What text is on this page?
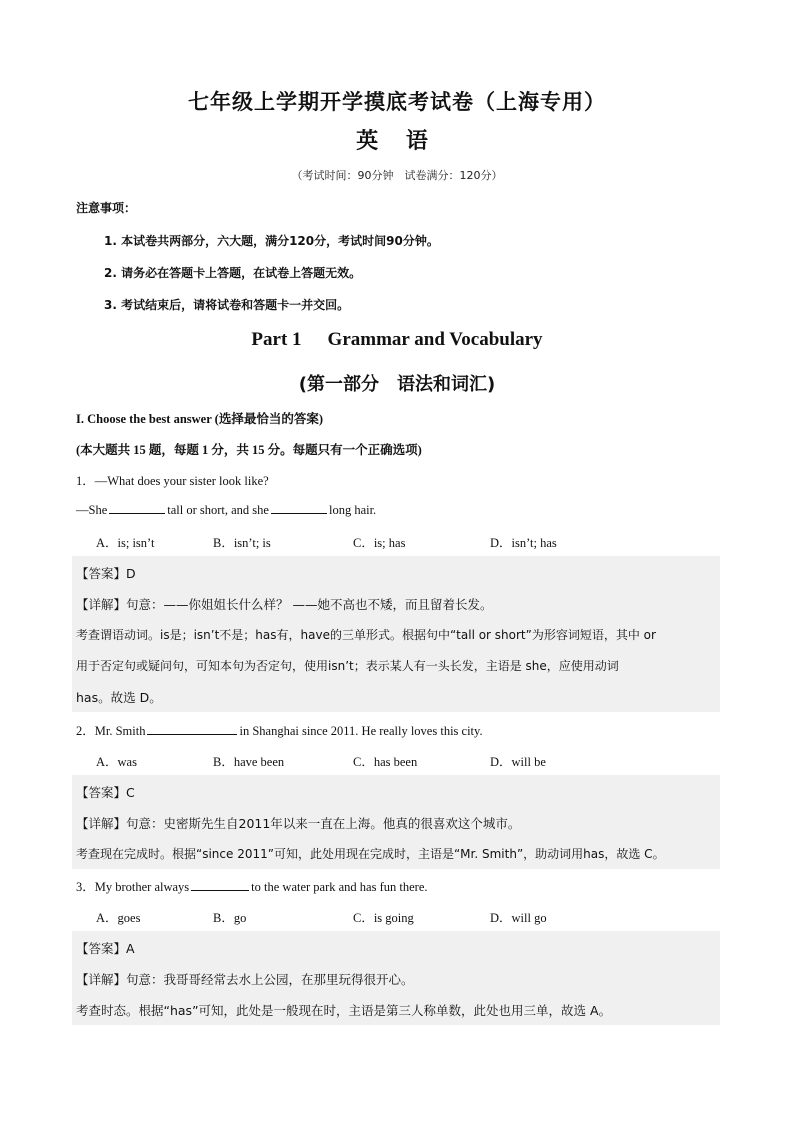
七年级上学期开学摸底考试卷（上海专用）
英 语
（考试时间：90分钟　试卷满分：120分）
注意事项：
1. 本试卷共两部分，六大题，满分120分，考试时间90分钟。
2. 请务必在答题卡上答题，在试卷上答题无效。
3. 考试结束后，请将试卷和答题卡一并交回。
Part 1 Grammar and Vocabulary
(第一部分　语法和词汇)
I. Choose the best answer (选择最恰当的答案)
(本大题共 15 题，每题 1 分，共 15 分。每题只有一个正确选项)
1．—What does your sister look like?
—She	tall or short, and she	long hair.
A．is; isn’t	B．isn’t; is	C．is; has	D．isn’t; has
【答案】D
【详解】句意：——你姐姐长什么样？ ——她不高也不矮，而且留着长发。
考查谓语动词。is是；isn’t不是；has有，have的三单形式。根据句中“tall or short”为形容词短语，其中 or
用于否定句或疑问句，可知本句为否定句，使用isn’t；表示某人有一头长发，主语是 she，应使用动词
has。故选 D。
2．Mr. Smith	in Shanghai since 2011. He really loves this city.
A．was	B．have been	C．has been	D．will be
【答案】C
【详解】句意：史密斯先生自2011年以来一直在上海。他真的很喜欢这个城市。
考查现在完成时。根据“since 2011”可知，此处用现在完成时，主语是“Mr. Smith”，助动词用has，故选 C。
3．My brother always	to the water park and has fun there.
A．goes	B．go	C．is going	D．will go
【答案】A
【详解】句意：我哥哥经常去水上公园，在那里玩得很开心。
考查时态。根据“has”可知，此处是一般现在时，主语是第三人称单数，此处也用三单，故选 A。
